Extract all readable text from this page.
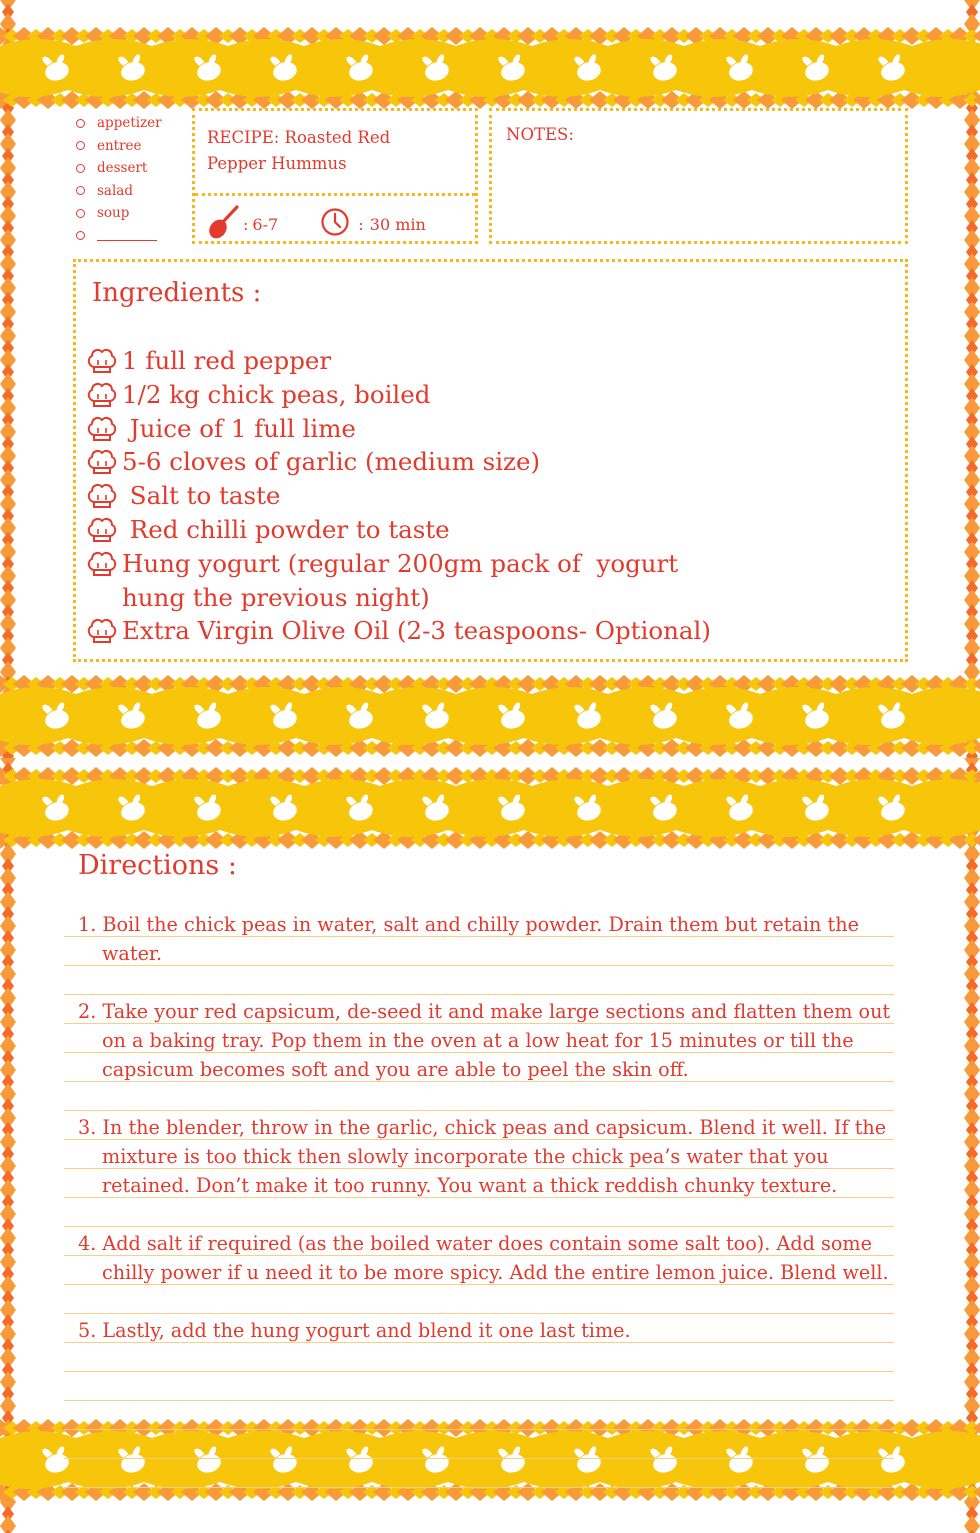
appetizer
entree
dessert
salad
soup
RECIPE: Roasted Red Pepper Hummus
: 6-7	: 30 min
NOTES:
Ingredients :
1 full red pepper
1/2 kg chick peas, boiled
Juice of 1 full lime
5-6 cloves of garlic (medium size)
Salt to taste
Red chilli powder to taste
Hung yogurt (regular 200gm pack of  yogurt hung the previous night)
Extra Virgin Olive Oil (2-3 teaspoons- Optional)
Directions :
1. Boil the chick peas in water, salt and chilly powder. Drain them but retain the water.
2. Take your red capsicum, de-seed it and make large sections and flatten them out on a baking tray. Pop them in the oven at a low heat for 15 minutes or till the capsicum becomes soft and you are able to peel the skin off.
3. In the blender, throw in the garlic, chick peas and capsicum. Blend it well. If the mixture is too thick then slowly incorporate the chick pea’s water that you retained. Don’t make it too runny. You want a thick reddish chunky texture.
4. Add salt if required (as the boiled water does contain some salt too). Add some chilly power if u need it to be more spicy. Add the entire lemon juice. Blend well.
5. Lastly, add the hung yogurt and blend it one last time.
